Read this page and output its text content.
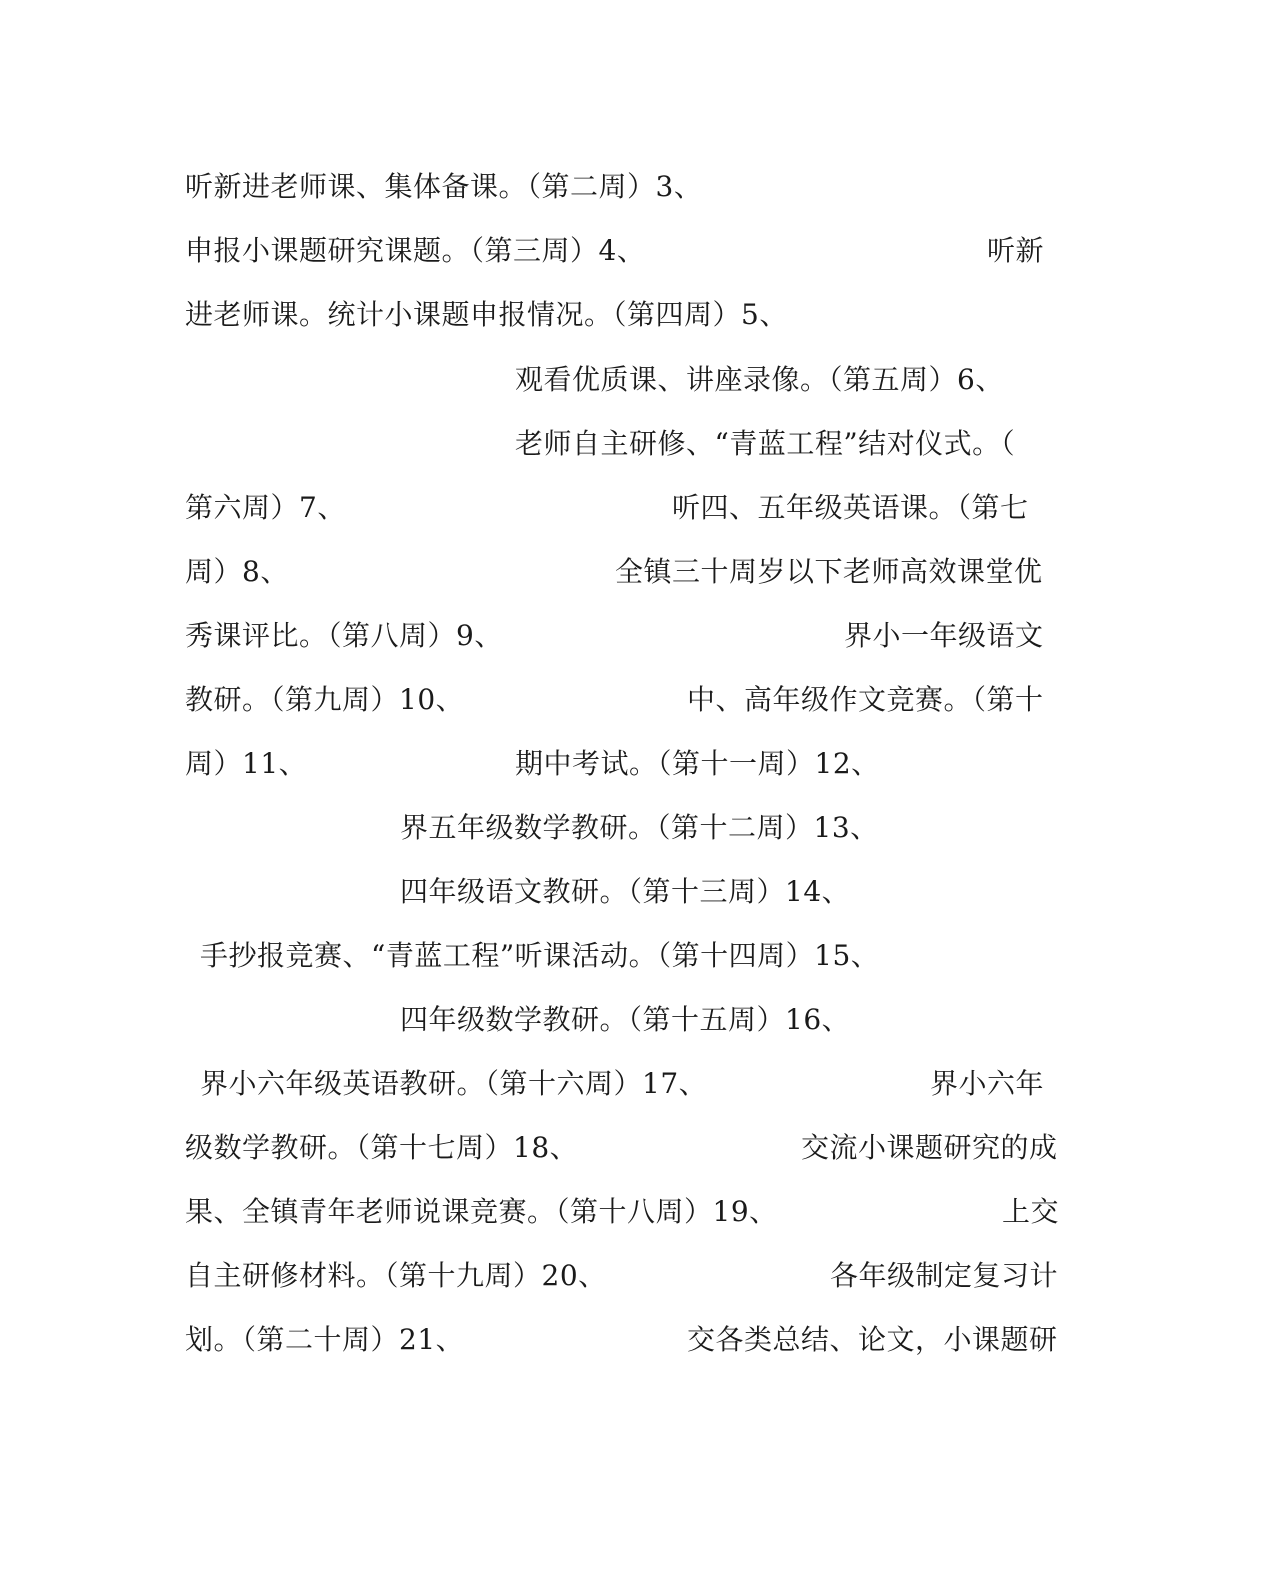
听新进老师课、集体备课。（第二周）3、
申报小课题研究课题。（第三周）4、	听新
进老师课。统计小课题申报情况。（第四周）5、
观看优质课、讲座录像。（第五周）6、
老师自主研修、“青蓝工程”结对仪式。（
第六周）7、	听四、五年级英语课。（第七
周）8、	全镇三十周岁以下老师高效课堂优
秀课评比。（第八周）9、	界小一年级语文
教研。（第九周）10、	中、高年级作文竞赛。（第十
周）11、	期中考试。（第十一周）12、
界五年级数学教研。（第十二周）13、
四年级语文教研。（第十三周）14、
手抄报竞赛、“青蓝工程”听课活动。（第十四周）15、
四年级数学教研。（第十五周）16、
界小六年级英语教研。（第十六周）17、	界小六年
级数学教研。（第十七周）18、	交流小课题研究的成
果、全镇青年老师说课竞赛。（第十八周）19、	上交
自主研修材料。（第十九周）20、	各年级制定复习计
划。（第二十周）21、	交各类总结、论文，小课题研
